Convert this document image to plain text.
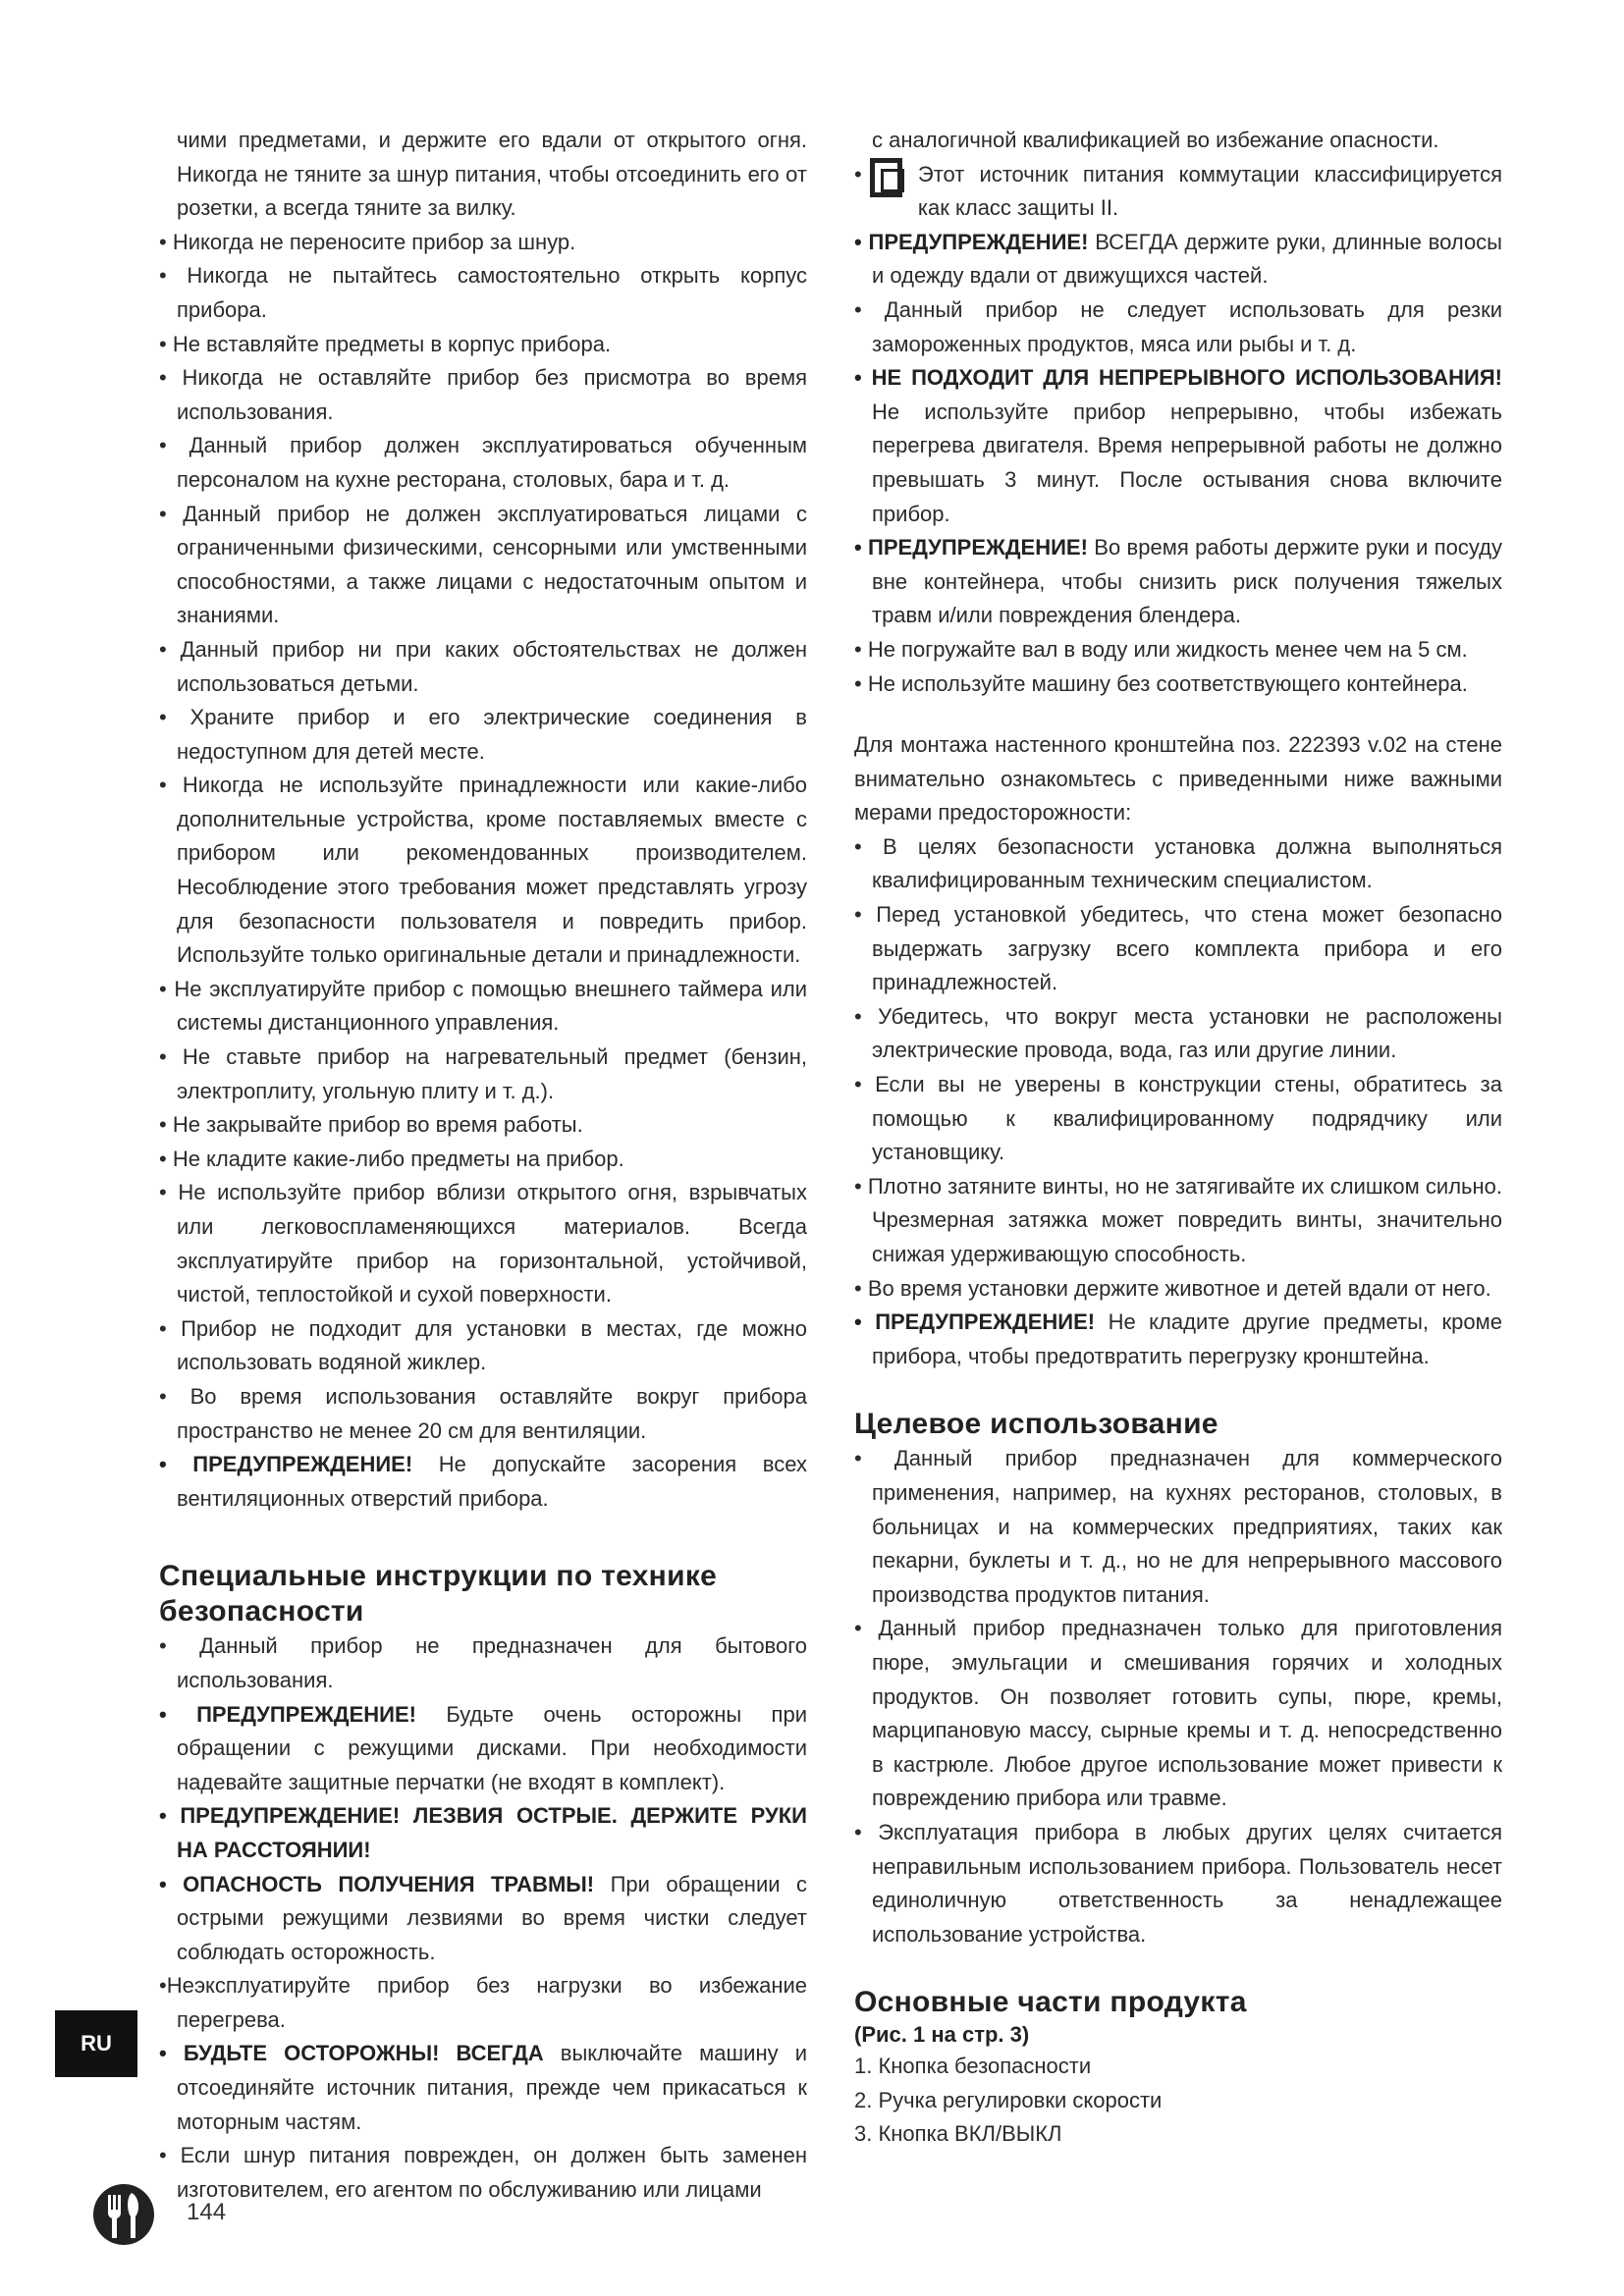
чими предметами, и держите его вдали от открытого огня. Никогда не тяните за шнур питания, чтобы отсоединить его от розетки, а всегда тяните за вилку.

• Никогда не переносите прибор за шнур.

• Никогда не пытайтесь самостоятельно открыть корпус прибора.

• Не вставляйте предметы в корпус прибора.

• Никогда не оставляйте прибор без присмотра во время использования.

• Данный прибор должен эксплуатироваться обученным персоналом на кухне ресторана, столовых, бара и т. д.

• Данный прибор не должен эксплуатироваться лицами с ограниченными физическими, сенсорными или умственными способностями, а также лицами с недостаточным опытом и знаниями.

• Данный прибор ни при каких обстоятельствах не должен использоваться детьми.

• Храните прибор и его электрические соединения в недоступном для детей месте.

• Никогда не используйте принадлежности или какие-либо дополнительные устройства, кроме поставляемых вместе с прибором или рекомендованных производителем. Несоблюдение этого требования может представлять угрозу для безопасности пользователя и повредить прибор. Используйте только оригинальные детали и принадлежности.

• Не эксплуатируйте прибор с помощью внешнего таймера или системы дистанционного управления.

• Не ставьте прибор на нагревательный предмет (бензин, электроплиту, угольную плиту и т. д.).

• Не закрывайте прибор во время работы.

• Не кладите какие-либо предметы на прибор.

• Не используйте прибор вблизи открытого огня, взрывчатых или легковоспламеняющихся материалов. Всегда эксплуатируйте прибор на горизонтальной, устойчивой, чистой, теплостойкой и сухой поверхности.

• Прибор не подходит для установки в местах, где можно использовать водяной жиклер.

• Во время использования оставляйте вокруг прибора пространство не менее 20 см для вентиляции.

• ПРЕДУПРЕЖДЕНИЕ! Не допускайте засорения всех вентиляционных отверстий прибора.

Специальные инструкции по технике безопасности

• Данный прибор не предназначен для бытового использования.

• ПРЕДУПРЕЖДЕНИЕ! Будьте очень осторожны при обращении с режущими дисками. При необходимости надевайте защитные перчатки (не входят в комплект).

• ПРЕДУПРЕЖДЕНИЕ! ЛЕЗВИЯ ОСТРЫЕ. ДЕРЖИТЕ РУКИ НА РАССТОЯНИИ!

• ОПАСНОСТЬ ПОЛУЧЕНИЯ ТРАВМЫ! При обращении с острыми режущими лезвиями во время чистки следует соблюдать осторожность.

•Неэксплуатируйте прибор без нагрузки во избежание перегрева.

• БУДЬТЕ ОСТОРОЖНЫ! ВСЕГДА выключайте машину и отсоединяйте источник питания, прежде чем прикасаться к моторным частям.

• Если шнур питания поврежден, он должен быть заменен изготовителем, его агентом по обслуживанию или лицами

с аналогичной квалификацией во избежание опасности.

•	Этот источник питания коммутации классифицируется как класс защиты II.

• ПРЕДУПРЕЖДЕНИЕ! ВСЕГДА держите руки, длинные волосы и одежду вдали от движущихся частей.

• Данный прибор не следует использовать для резки замороженных продуктов, мяса или рыбы и т. д.

• НЕ ПОДХОДИТ ДЛЯ НЕПРЕРЫВНОГО ИСПОЛЬЗОВАНИЯ! Не используйте прибор непрерывно, чтобы избежать перегрева двигателя. Время непрерывной работы не должно превышать 3 минут. После остывания снова включите прибор.

• ПРЕДУПРЕЖДЕНИЕ! Во время работы держите руки и посуду вне контейнера, чтобы снизить риск получения тяжелых травм и/или повреждения блендера.

• Не погружайте вал в воду или жидкость менее чем на 5 см.

• Не используйте машину без соответствующего контейнера.

Для монтажа настенного кронштейна поз. 222393 v.02 на стене внимательно ознакомьтесь с приведенными ниже важными мерами предосторожности:

• В целях безопасности установка должна выполняться квалифицированным техническим специалистом.

• Перед установкой убедитесь, что стена может безопасно выдержать загрузку всего комплекта прибора и его принадлежностей.

• Убедитесь, что вокруг места установки не расположены электрические провода, вода, газ или другие линии.

• Если вы не уверены в конструкции стены, обратитесь за помощью к квалифицированному подрядчику или установщику.

• Плотно затяните винты, но не затягивайте их слишком сильно. Чрезмерная затяжка может повредить винты, значительно снижая удерживающую способность.

• Во время установки держите животное и детей вдали от него.

• ПРЕДУПРЕЖДЕНИЕ! Не кладите другие предметы, кроме прибора, чтобы предотвратить перегрузку кронштейна.

Целевое использование

• Данный прибор предназначен для коммерческого применения, например, на кухнях ресторанов, столовых, в больницах и на коммерческих предприятиях, таких как пекарни, буклеты и т. д., но не для непрерывного массового производства продуктов питания.

• Данный прибор предназначен только для приготовления пюре, эмульгации и смешивания горячих и холодных продуктов. Он позволяет готовить супы, пюре, кремы, марципановую массу, сырные кремы и т. д. непосредственно в кастрюле. Любое другое использование может привести к повреждению прибора или травме.

• Эксплуатация прибора в любых других целях считается неправильным использованием прибора. Пользователь несет единоличную ответственность за ненадлежащее использование устройства.

Основные части продукта
(Рис. 1 на стр. 3)
1. Кнопка безопасности
2. Ручка регулировки скорости
3. Кнопка ВКЛ/ВЫКЛ
RU
144
